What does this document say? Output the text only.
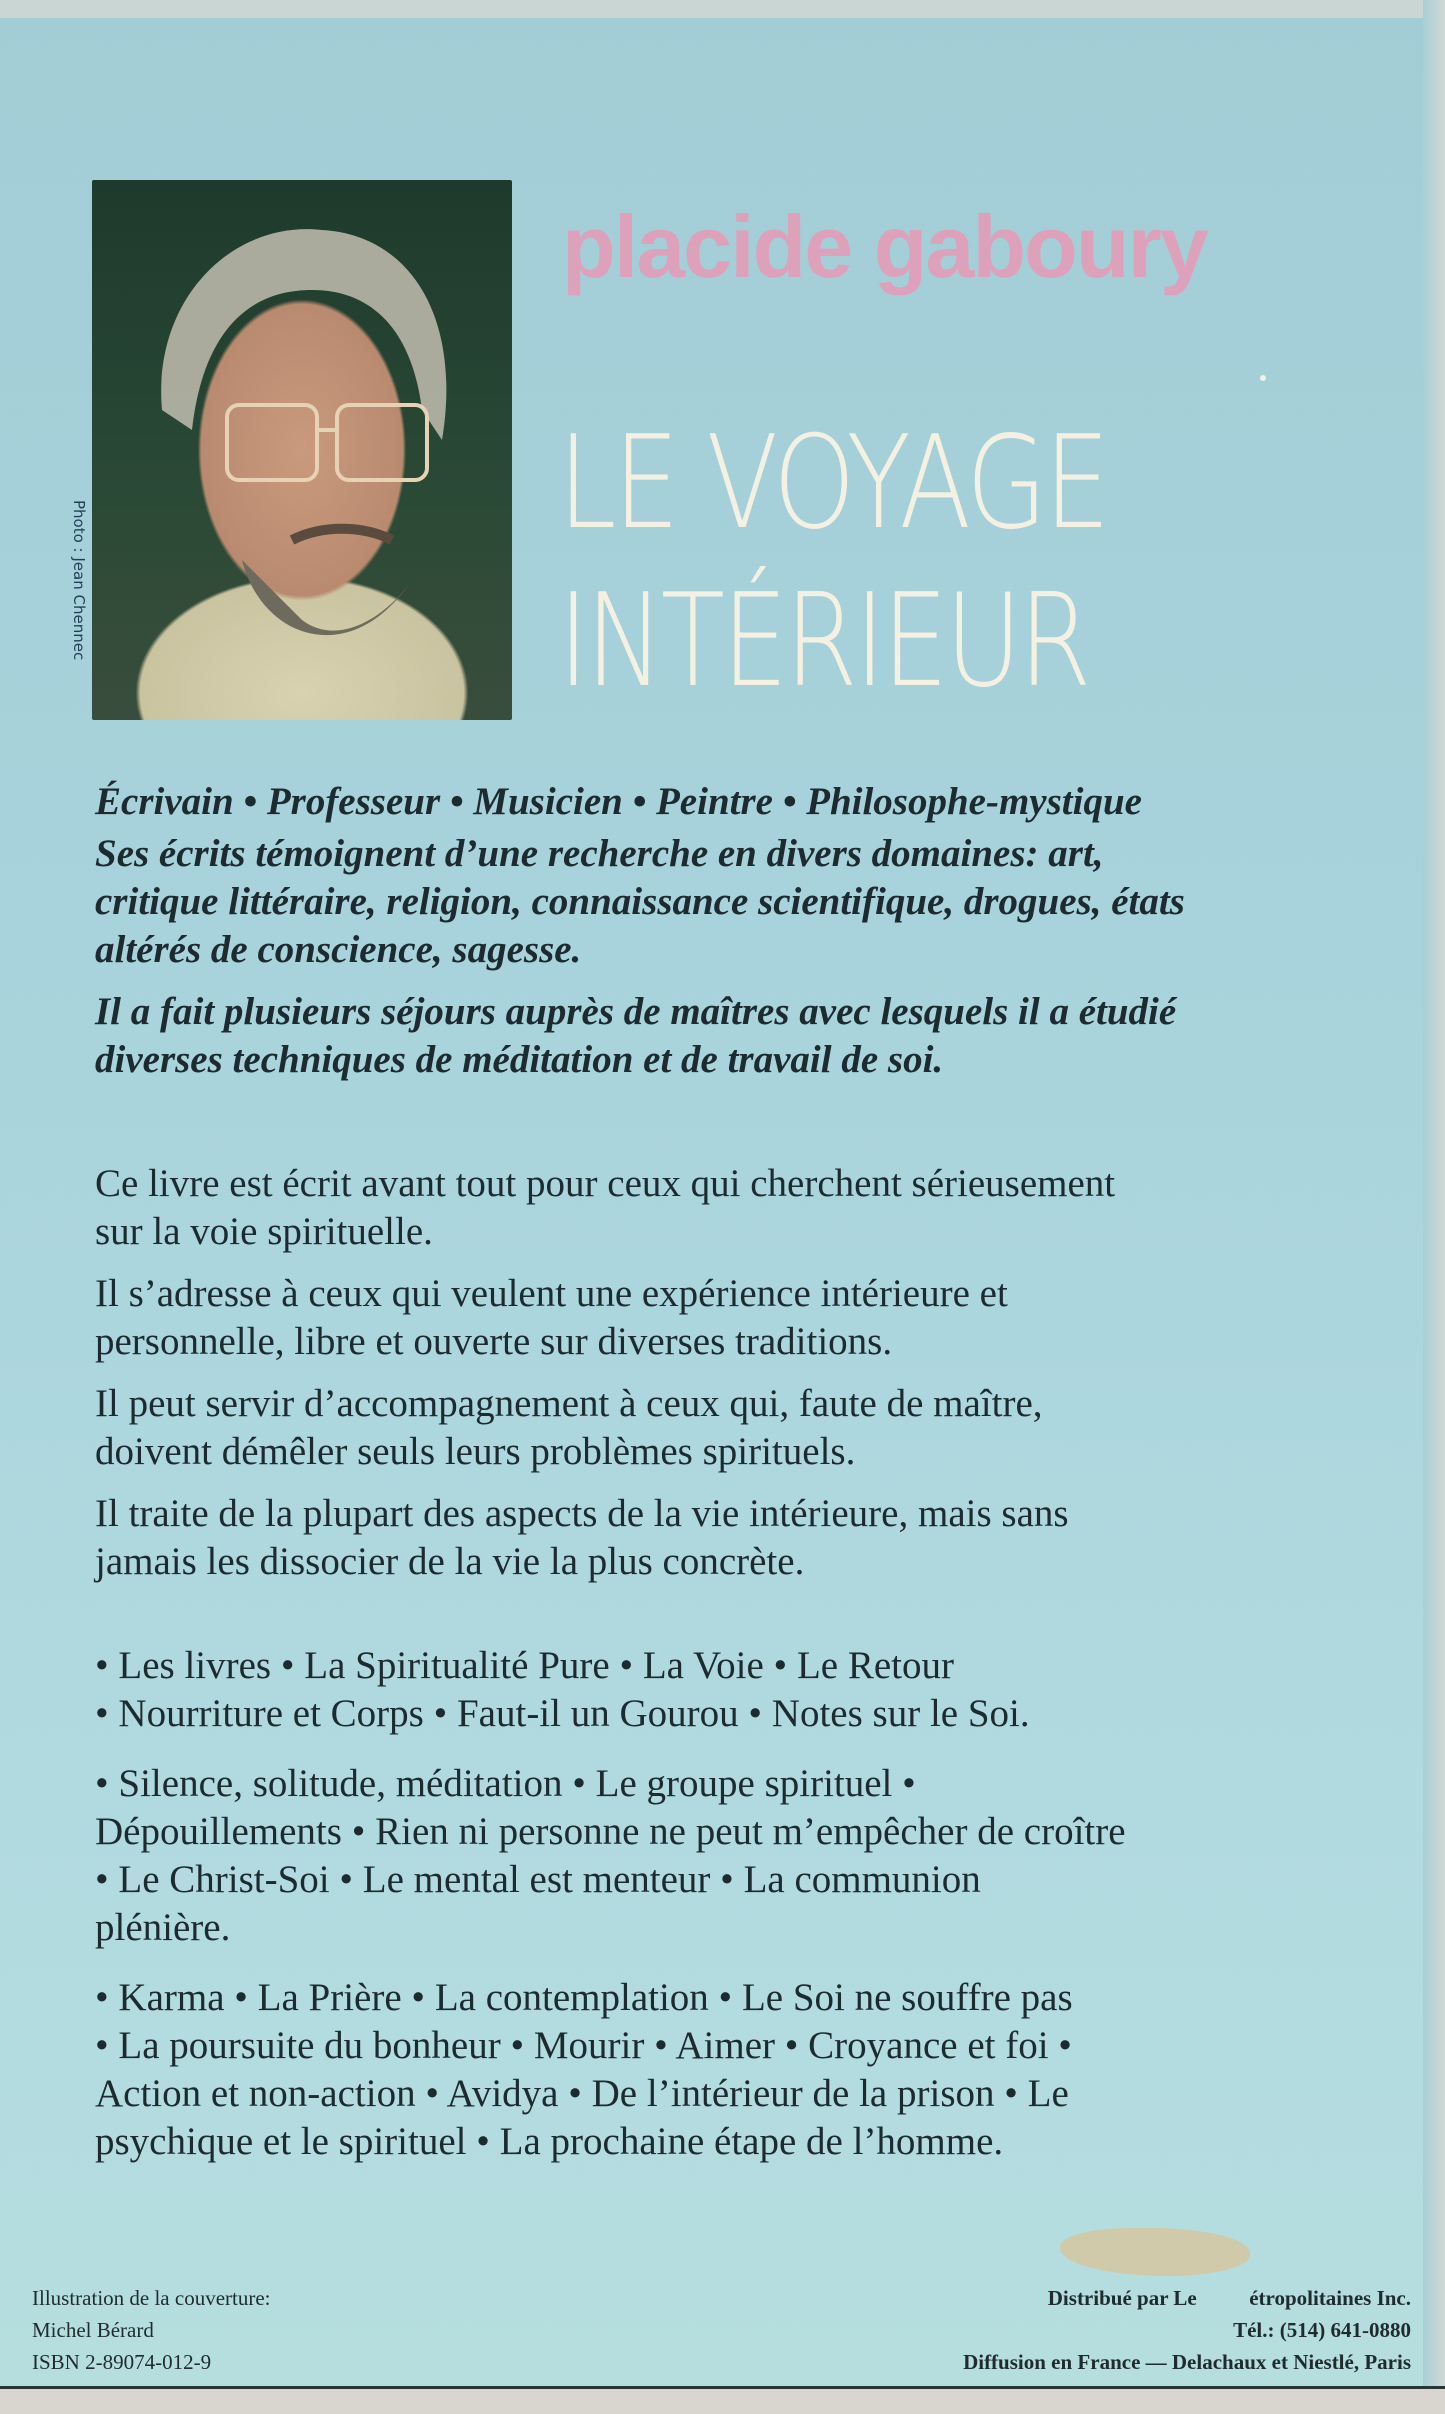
Photo : Jean Chennec
placide gaboury
LE VOYAGE
INTÉRIEUR
Écrivain • Professeur • Musicien • Peintre • Philosophe-mystique
Ses écrits témoignent d’une recherche en divers domaines: art,
critique littéraire, religion, connaissance scientifique, drogues, états
altérés de conscience, sagesse.
Il a fait plusieurs séjours auprès de maîtres avec lesquels il a étudié
diverses techniques de méditation et de travail de soi.
Ce livre est écrit avant tout pour ceux qui cherchent sérieusement
sur la voie spirituelle.
Il s’adresse à ceux qui veulent une expérience intérieure et
personnelle, libre et ouverte sur diverses traditions.
Il peut servir d’accompagnement à ceux qui, faute de maître,
doivent démêler seuls leurs problèmes spirituels.
Il traite de la plupart des aspects de la vie intérieure, mais sans
jamais les dissocier de la vie la plus concrète.
• Les livres • La Spiritualité Pure • La Voie • Le Retour
• Nourriture et Corps • Faut-il un Gourou • Notes sur le Soi.
• Silence, solitude, méditation • Le groupe spirituel •
Dépouillements • Rien ni personne ne peut m’empêcher de croître
• Le Christ-Soi • Le mental est menteur • La communion
plénière.
• Karma • La Prière • La contemplation • Le Soi ne souffre pas
• La poursuite du bonheur • Mourir • Aimer • Croyance et foi •
Action et non-action • Avidya • De l’intérieur de la prison • Le
psychique et le spirituel • La prochaine étape de l’homme.
Illustration de la couverture:
Michel Bérard
ISBN 2-89074-012-9
Distribué par Le          étropolitaines Inc.
Tél.: (514) 641-0880
Diffusion en France — Delachaux et Niestlé, Paris
